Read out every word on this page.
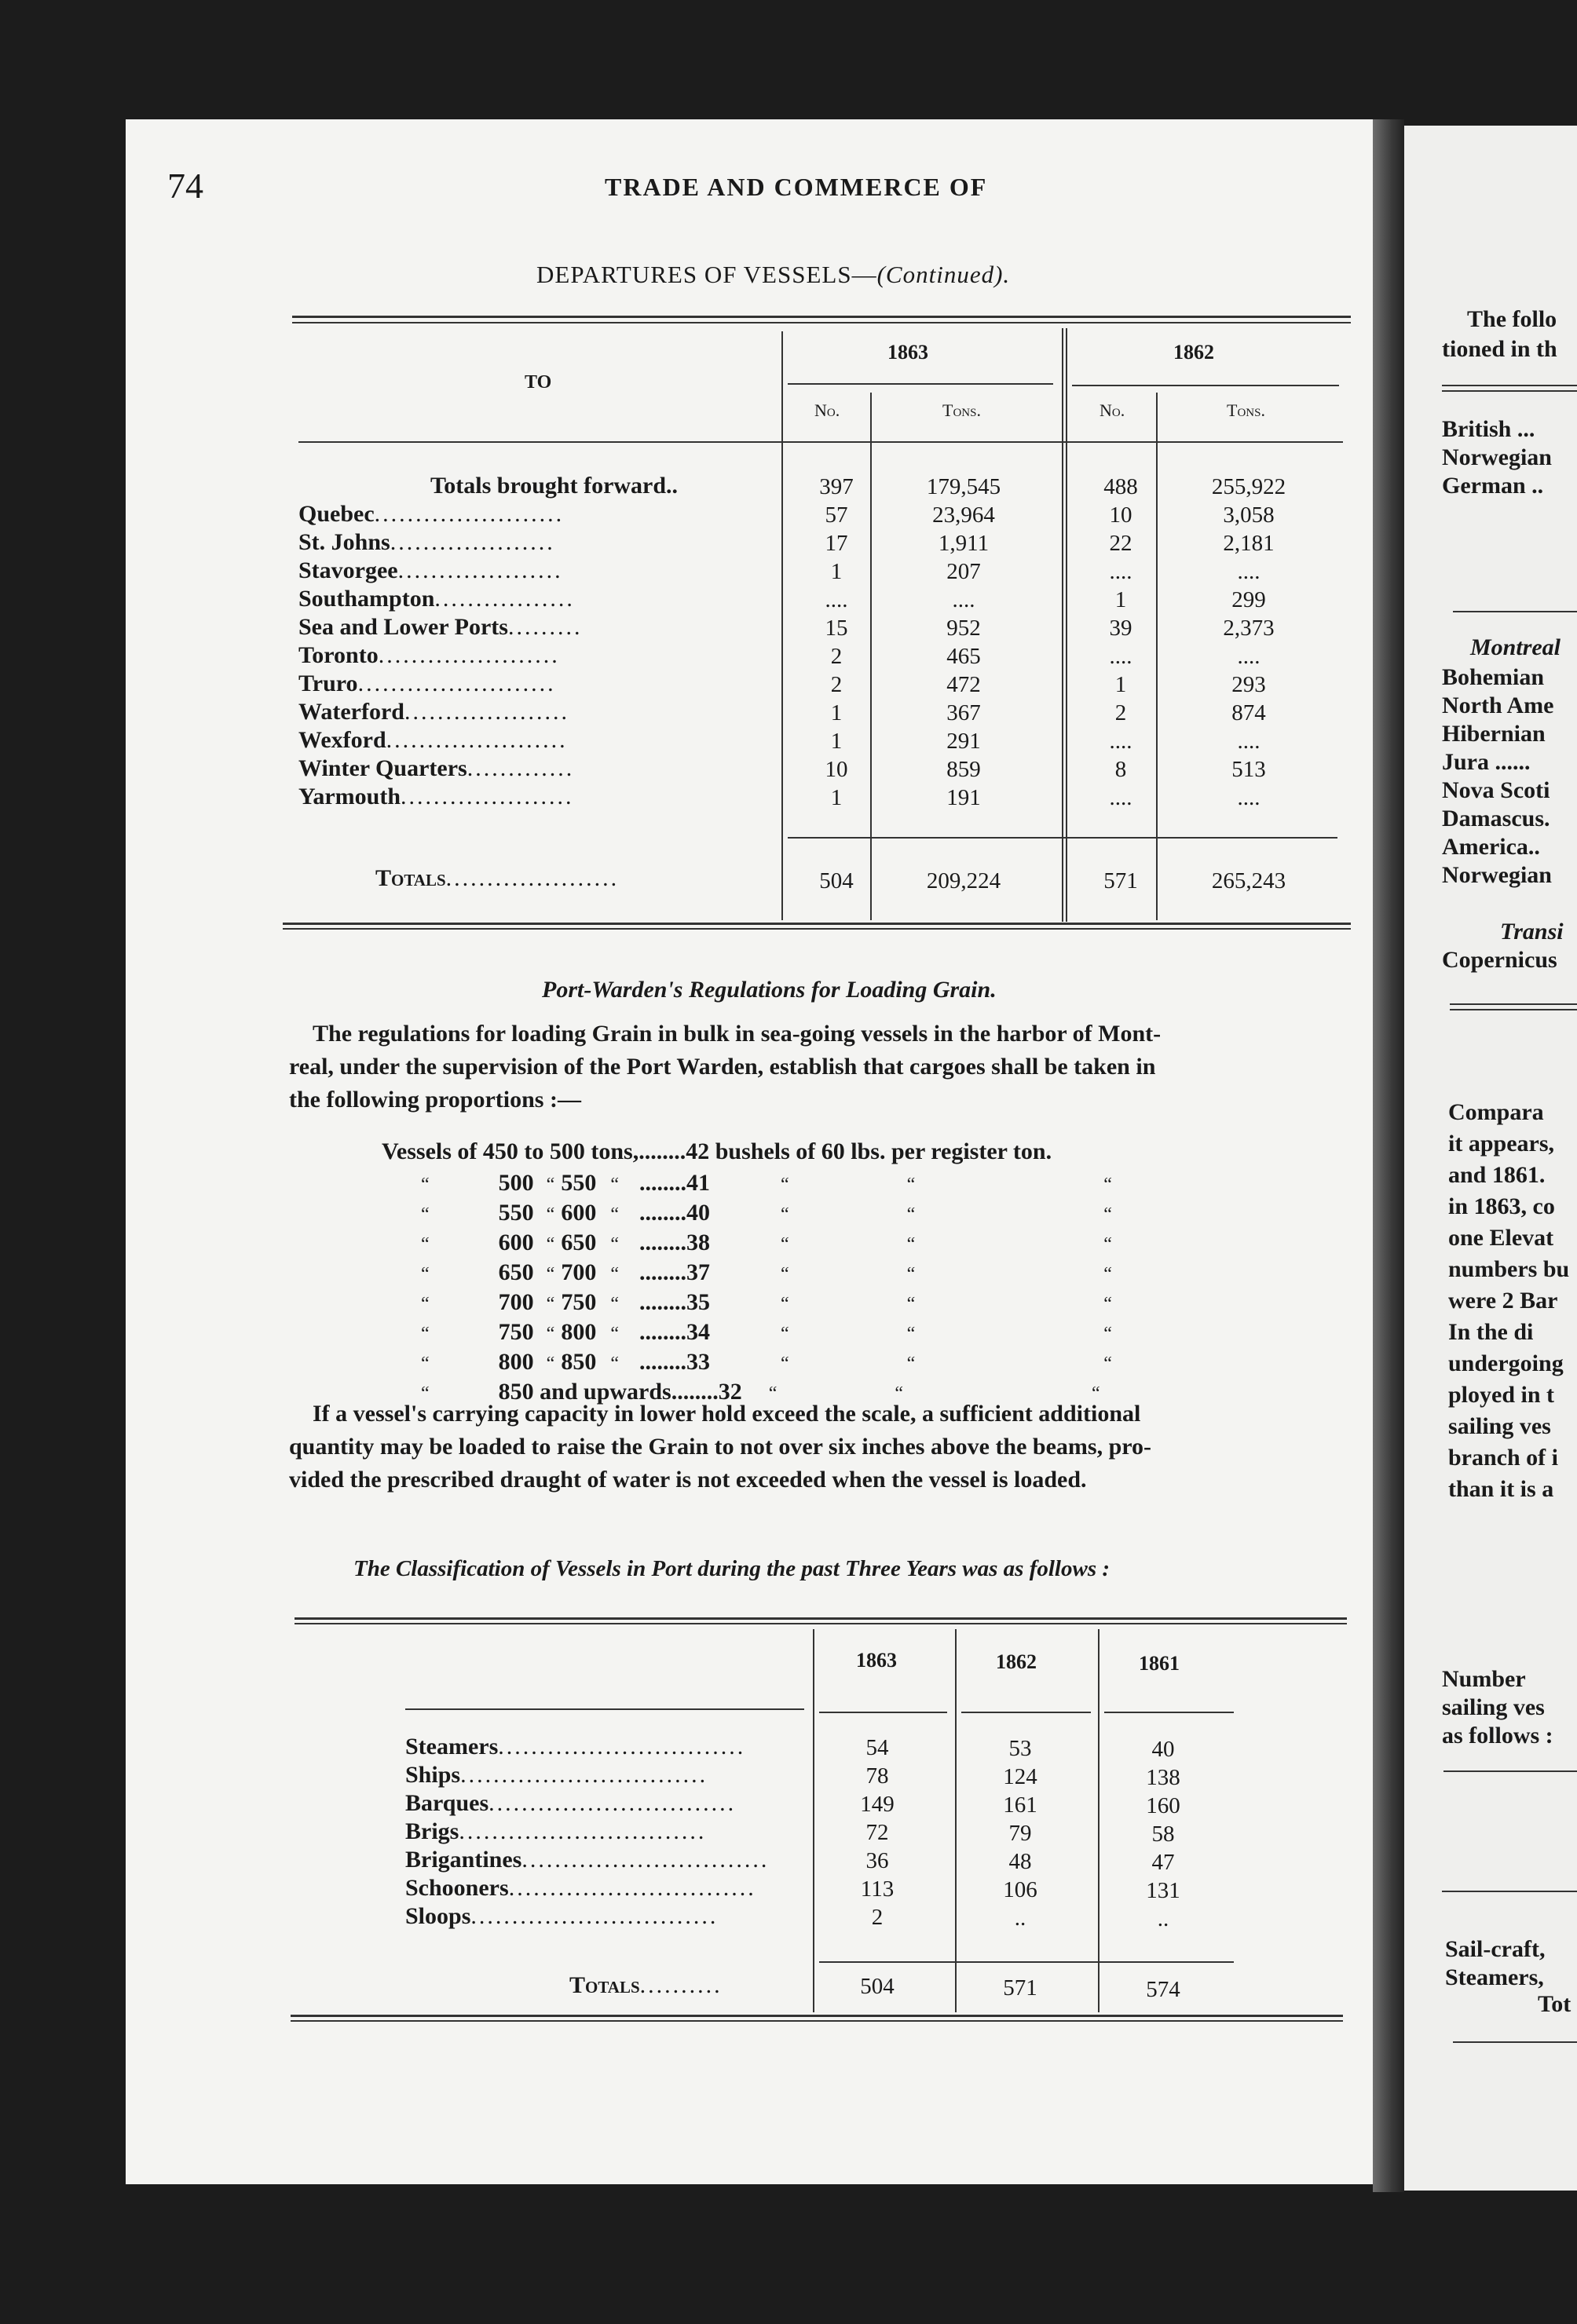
74	TRADE AND COMMERCE OF
DEPARTURES OF VESSELS—(Continued).
TO
1863	1862
No.	Tons.	No.	Tons.
Totals brought forward..	397	179,545	488	255,922
Quebec.......................	57	23,964	10	3,058
St. Johns....................	17	1,911	22	2,181
Stavorgee....................	1	207	....	....
Southampton.................	....	....	1	299
Sea and Lower Ports.........	15	952	39	2,373
Toronto......................	2	465	....	....
Truro........................	2	472	1	293
Waterford....................	1	367	2	874
Wexford......................	1	291	....	....
Winter Quarters.............	10	859	8	513
Yarmouth.....................	1	191	....	....
Totals.....................	504	209,224	571	265,243
Port-Warden's Regulations for Loading Grain.
The regulations for loading Grain in bulk in sea-going vessels in the harbor of Mont-
real, under the supervision of the Port Warden, establish that cargoes shall be taken in
the following proportions :—
Vessels of 450 to 500 tons,........42 bushels of 60 lbs. per register ton.
“	500 “ 550 “ ........41	“	“	“
“	550 “ 600 “ ........40	“	“	“
“	600 “ 650 “ ........38	“	“	“
“	650 “ 700 “ ........37	“	“	“
“	700 “ 750 “ ........35	“	“	“
“	750 “ 800 “ ........34	“	“	“
“	800 “ 850 “ ........33	“	“	“
“	850 and upwards........32 “	“	“
If a vessel's carrying capacity in lower hold exceed the scale, a sufficient additional
quantity may be loaded to raise the Grain to not over six inches above the beams, pro-
vided the prescribed draught of water is not exceeded when the vessel is loaded.
The Classification of Vessels in Port during the past Three Years was as follows :
1863	1862	1861
Steamers..............................	54	53	40
Ships..............................	78	124	138
Barques..............................	149	161	160
Brigs..............................	72	79	58
Brigantines..............................	36	48	47
Schooners..............................	113	106	131
Sloops..............................	2	..	..
Totals..........	504	571	574
The follo
tioned in th
British ...
Norwegian
German ..
Montreal
Bohemian
North Ame
Hibernian
Jura ......
Nova Scoti
Damascus.
America..
Norwegian
Transi
Copernicus
Compara
it appears,
and 1861.
in 1863, co
one Elevat
numbers bu
were 2 Bar
In the di
undergoing
ployed in t
sailing ves
branch of i
than it is a
Number
sailing ves
as follows :
Sail-craft,
Steamers,
Tot
